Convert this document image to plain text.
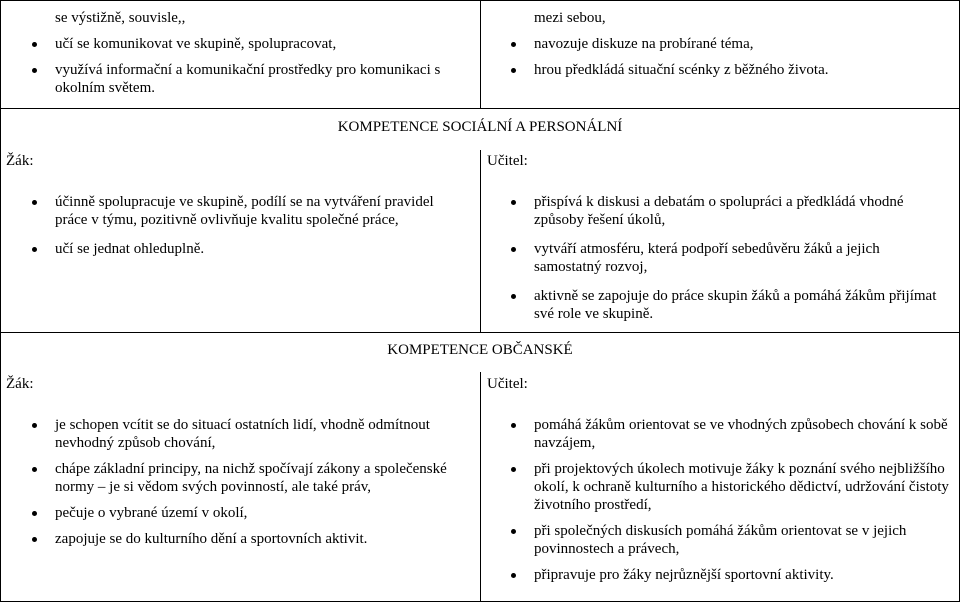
se výstižně, souvisle,,
učí se komunikovat ve skupině, spolupracovat,
využívá informační a komunikační prostředky pro komunikaci s okolním světem.
mezi sebou,
navozuje diskuze na probírané téma,
hrou předkládá situační scénky z běžného života.
KOMPETENCE SOCIÁLNÍ A PERSONÁLNÍ
Žák:	Učitel:
účinně spolupracuje ve skupině, podílí se na vytváření pravidel práce v týmu, pozitivně ovlivňuje kvalitu společné práce,
učí se jednat ohleduplně.
přispívá k diskusi a debatám o spolupráci a předkládá vhodné způsoby řešení úkolů,
vytváří atmosféru, která podpoří sebedůvěru žáků a jejich samostatný rozvoj,
aktivně se zapojuje do práce skupin žáků a pomáhá žákům přijímat své role ve skupině.
KOMPETENCE OBČANSKÉ
Žák:	Učitel:
je schopen vcítit se do situací ostatních lidí, vhodně odmítnout nevhodný způsob chování,
chápe základní principy, na nichž spočívají zákony a společenské normy – je si vědom svých povinností, ale také práv,
pečuje o vybrané území v okolí,
zapojuje se do kulturního dění a sportovních aktivit.
pomáhá žákům orientovat se ve vhodných způsobech chování k sobě navzájem,
při projektových úkolech motivuje žáky k poznání svého nejbližšího okolí, k ochraně kulturního a historického dědictví, udržování čistoty životního prostředí,
při společných diskusích pomáhá žákům orientovat se v jejich povinnostech a právech,
připravuje pro žáky nejrůznější sportovní aktivity.
